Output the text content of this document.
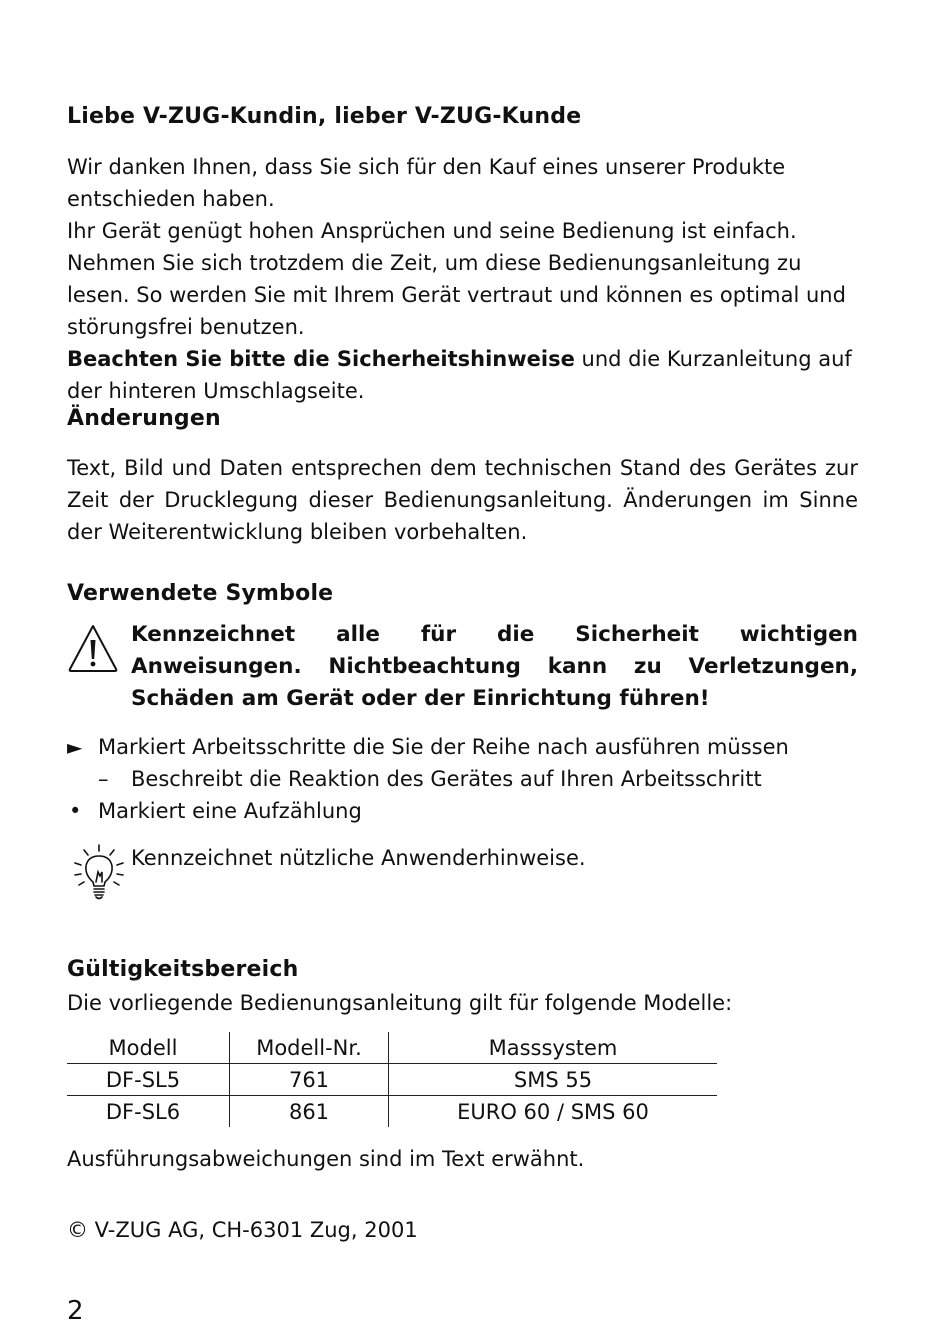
Liebe V-ZUG-Kundin, lieber V-ZUG-Kunde

Wir danken Ihnen, dass Sie sich für den Kauf eines unserer Produkte entschieden haben.

Ihr Gerät genügt hohen Ansprüchen und seine Bedienung ist einfach. Nehmen Sie sich trotzdem die Zeit, um diese Bedienungsanleitung zu lesen. So werden Sie mit Ihrem Gerät vertraut und können es optimal und störungsfrei benutzen.

Beachten Sie bitte die Sicherheitshinweise und die Kurzanleitung auf der hinteren Umschlagseite.

Änderungen

Text, Bild und Daten entsprechen dem technischen Stand des Gerätes zur Zeit der Drucklegung dieser Bedienungsanleitung. Änderungen im Sinne der Weiterentwicklung bleiben vorbehalten.

Verwendete Symbole
Kennzeichnet alle für die Sicherheit wichtigen Anweisungen. Nichtbeachtung kann zu Verletzungen, Schäden am Gerät oder der Einrichtung führen!
► Markiert Arbeitsschritte die Sie der Reihe nach ausführen müssen
–	Beschreibt die Reaktion des Gerätes auf Ihren Arbeitsschritt
• Markiert eine Aufzählung
Kennzeichnet nützliche Anwenderhinweise.
Gültigkeitsbereich

Die vorliegende Bedienungsanleitung gilt für folgende Modelle:

Modell	Modell-Nr.	Masssystem
DF-SL5	761	SMS 55
DF-SL6	861	EURO 60 / SMS 60

Ausführungsabweichungen sind im Text erwähnt.

© V-ZUG AG, CH-6301 Zug, 2001

2
